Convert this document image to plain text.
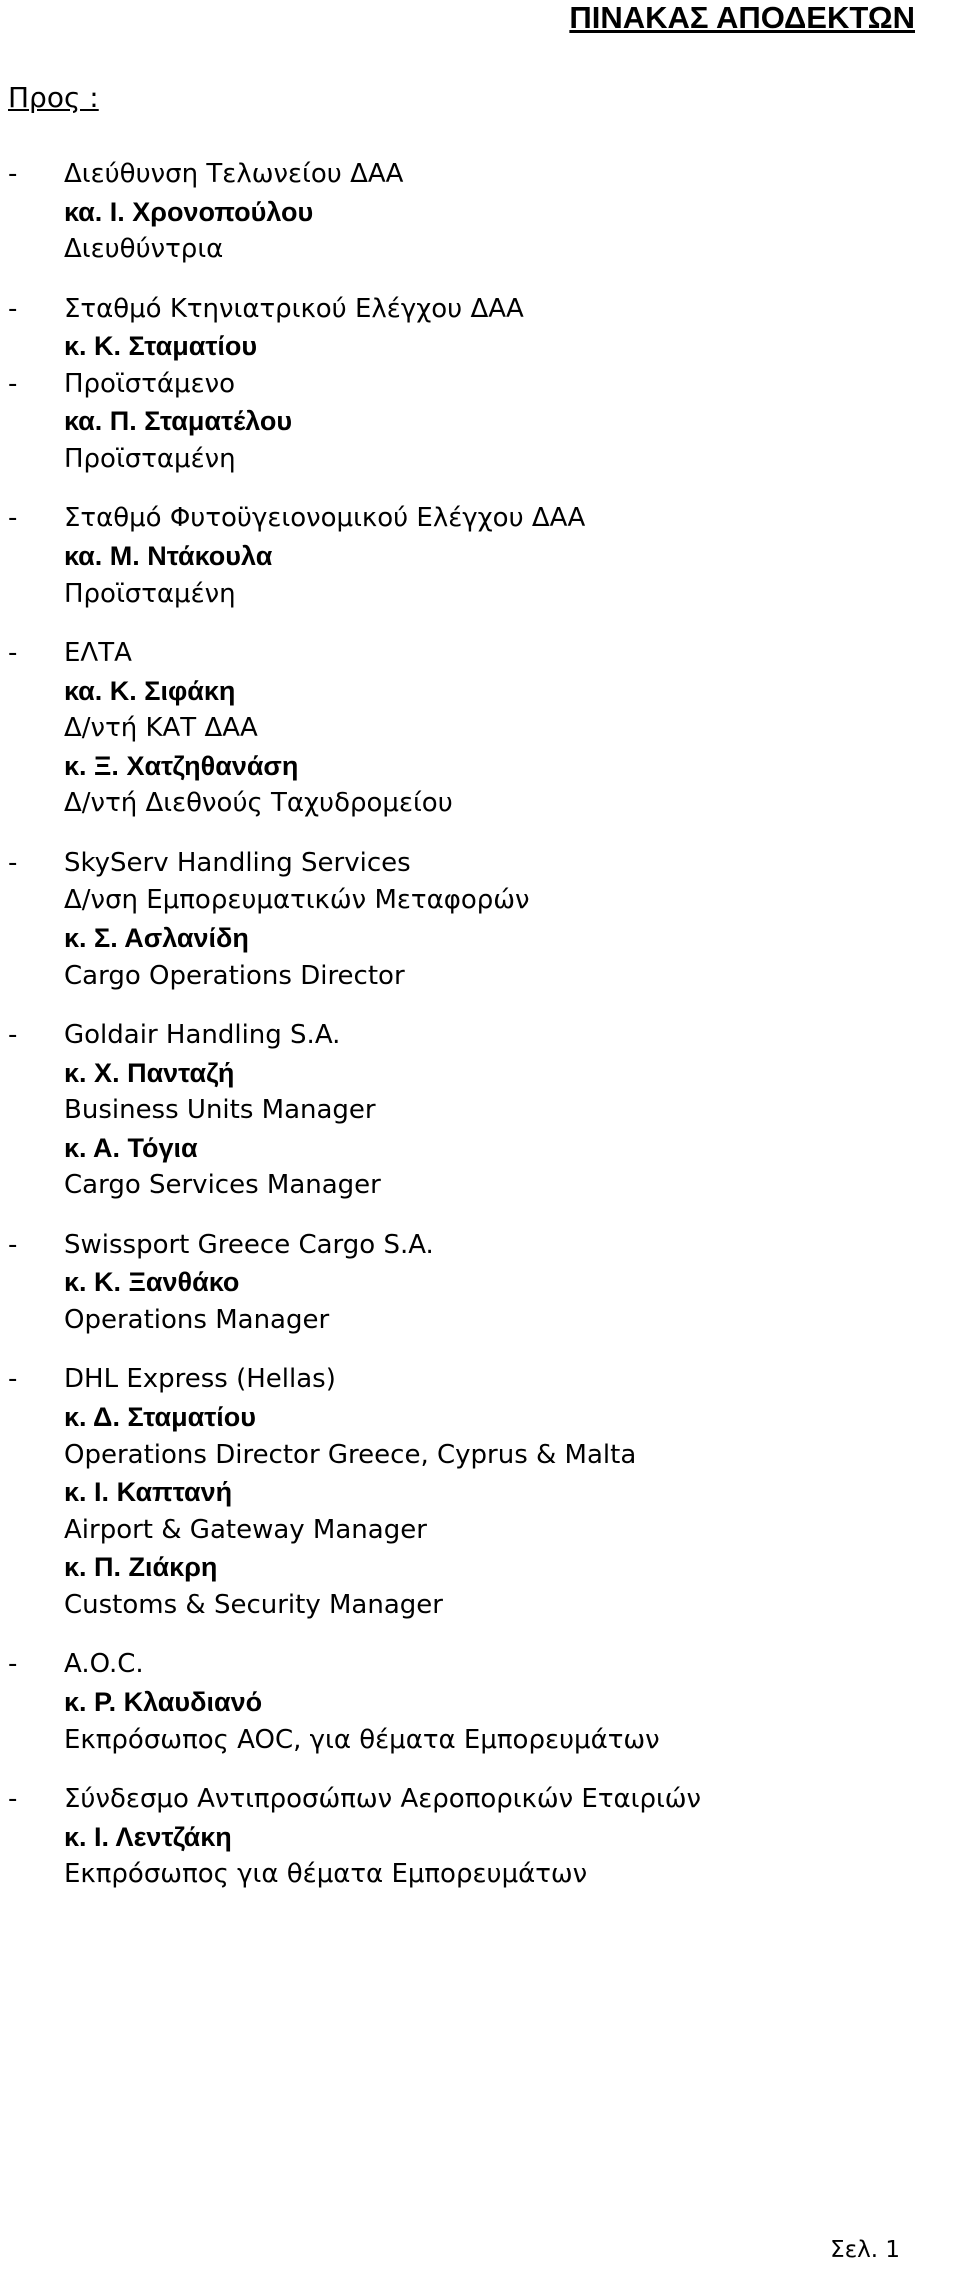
ΠΙΝΑΚΑΣ ΑΠΟΔΕΚΤΩΝ
Προς :
- Διεύθυνση Τελωνείου ΔΑΑ
κα. Ι. Χρονοπούλου
Διευθύντρια
- Σταθμό Κτηνιατρικού Ελέγχου ΔΑΑ
κ. Κ. Σταματίου
- Προϊστάμενο
κα. Π. Σταματέλου
Προϊσταμένη
- Σταθμό Φυτοϋγειονομικού Ελέγχου ΔΑΑ
κα. Μ. Ντάκουλα
Προϊσταμένη
- ΕΛΤΑ
κα. Κ. Σιφάκη
Δ/ντή ΚΑΤ ΔΑΑ
κ. Ξ. Χατζηθανάση
Δ/ντή Διεθνούς Ταχυδρομείου
- SkyServ Handling Services
Δ/νση Εμπορευματικών Μεταφορών
κ. Σ. Ασλανίδη
Cargo Operations Director
- Goldair Handling S.A.
κ. Χ. Πανταζή
Business Units Manager
κ. Α. Τόγια
Cargo Services Manager
- Swissport Greece Cargo S.A.
κ. Κ. Ξανθάκο
Operations Manager
- DHL Express (Hellas)
κ. Δ. Σταματίου
Operations Director Greece, Cyprus & Malta
κ. Ι. Καπτανή
Airport & Gateway Manager
κ. Π. Ζιάκρη
Customs & Security Manager
- A.O.C.
κ. Ρ. Κλαυδιανό
Εκπρόσωπος AOC, για θέματα Εμπορευμάτων
- Σύνδεσμο Αντιπροσώπων Αεροπορικών Εταιριών
κ. Ι. Λεντζάκη
Εκπρόσωπος για θέματα Εμπορευμάτων
Σελ. 1
